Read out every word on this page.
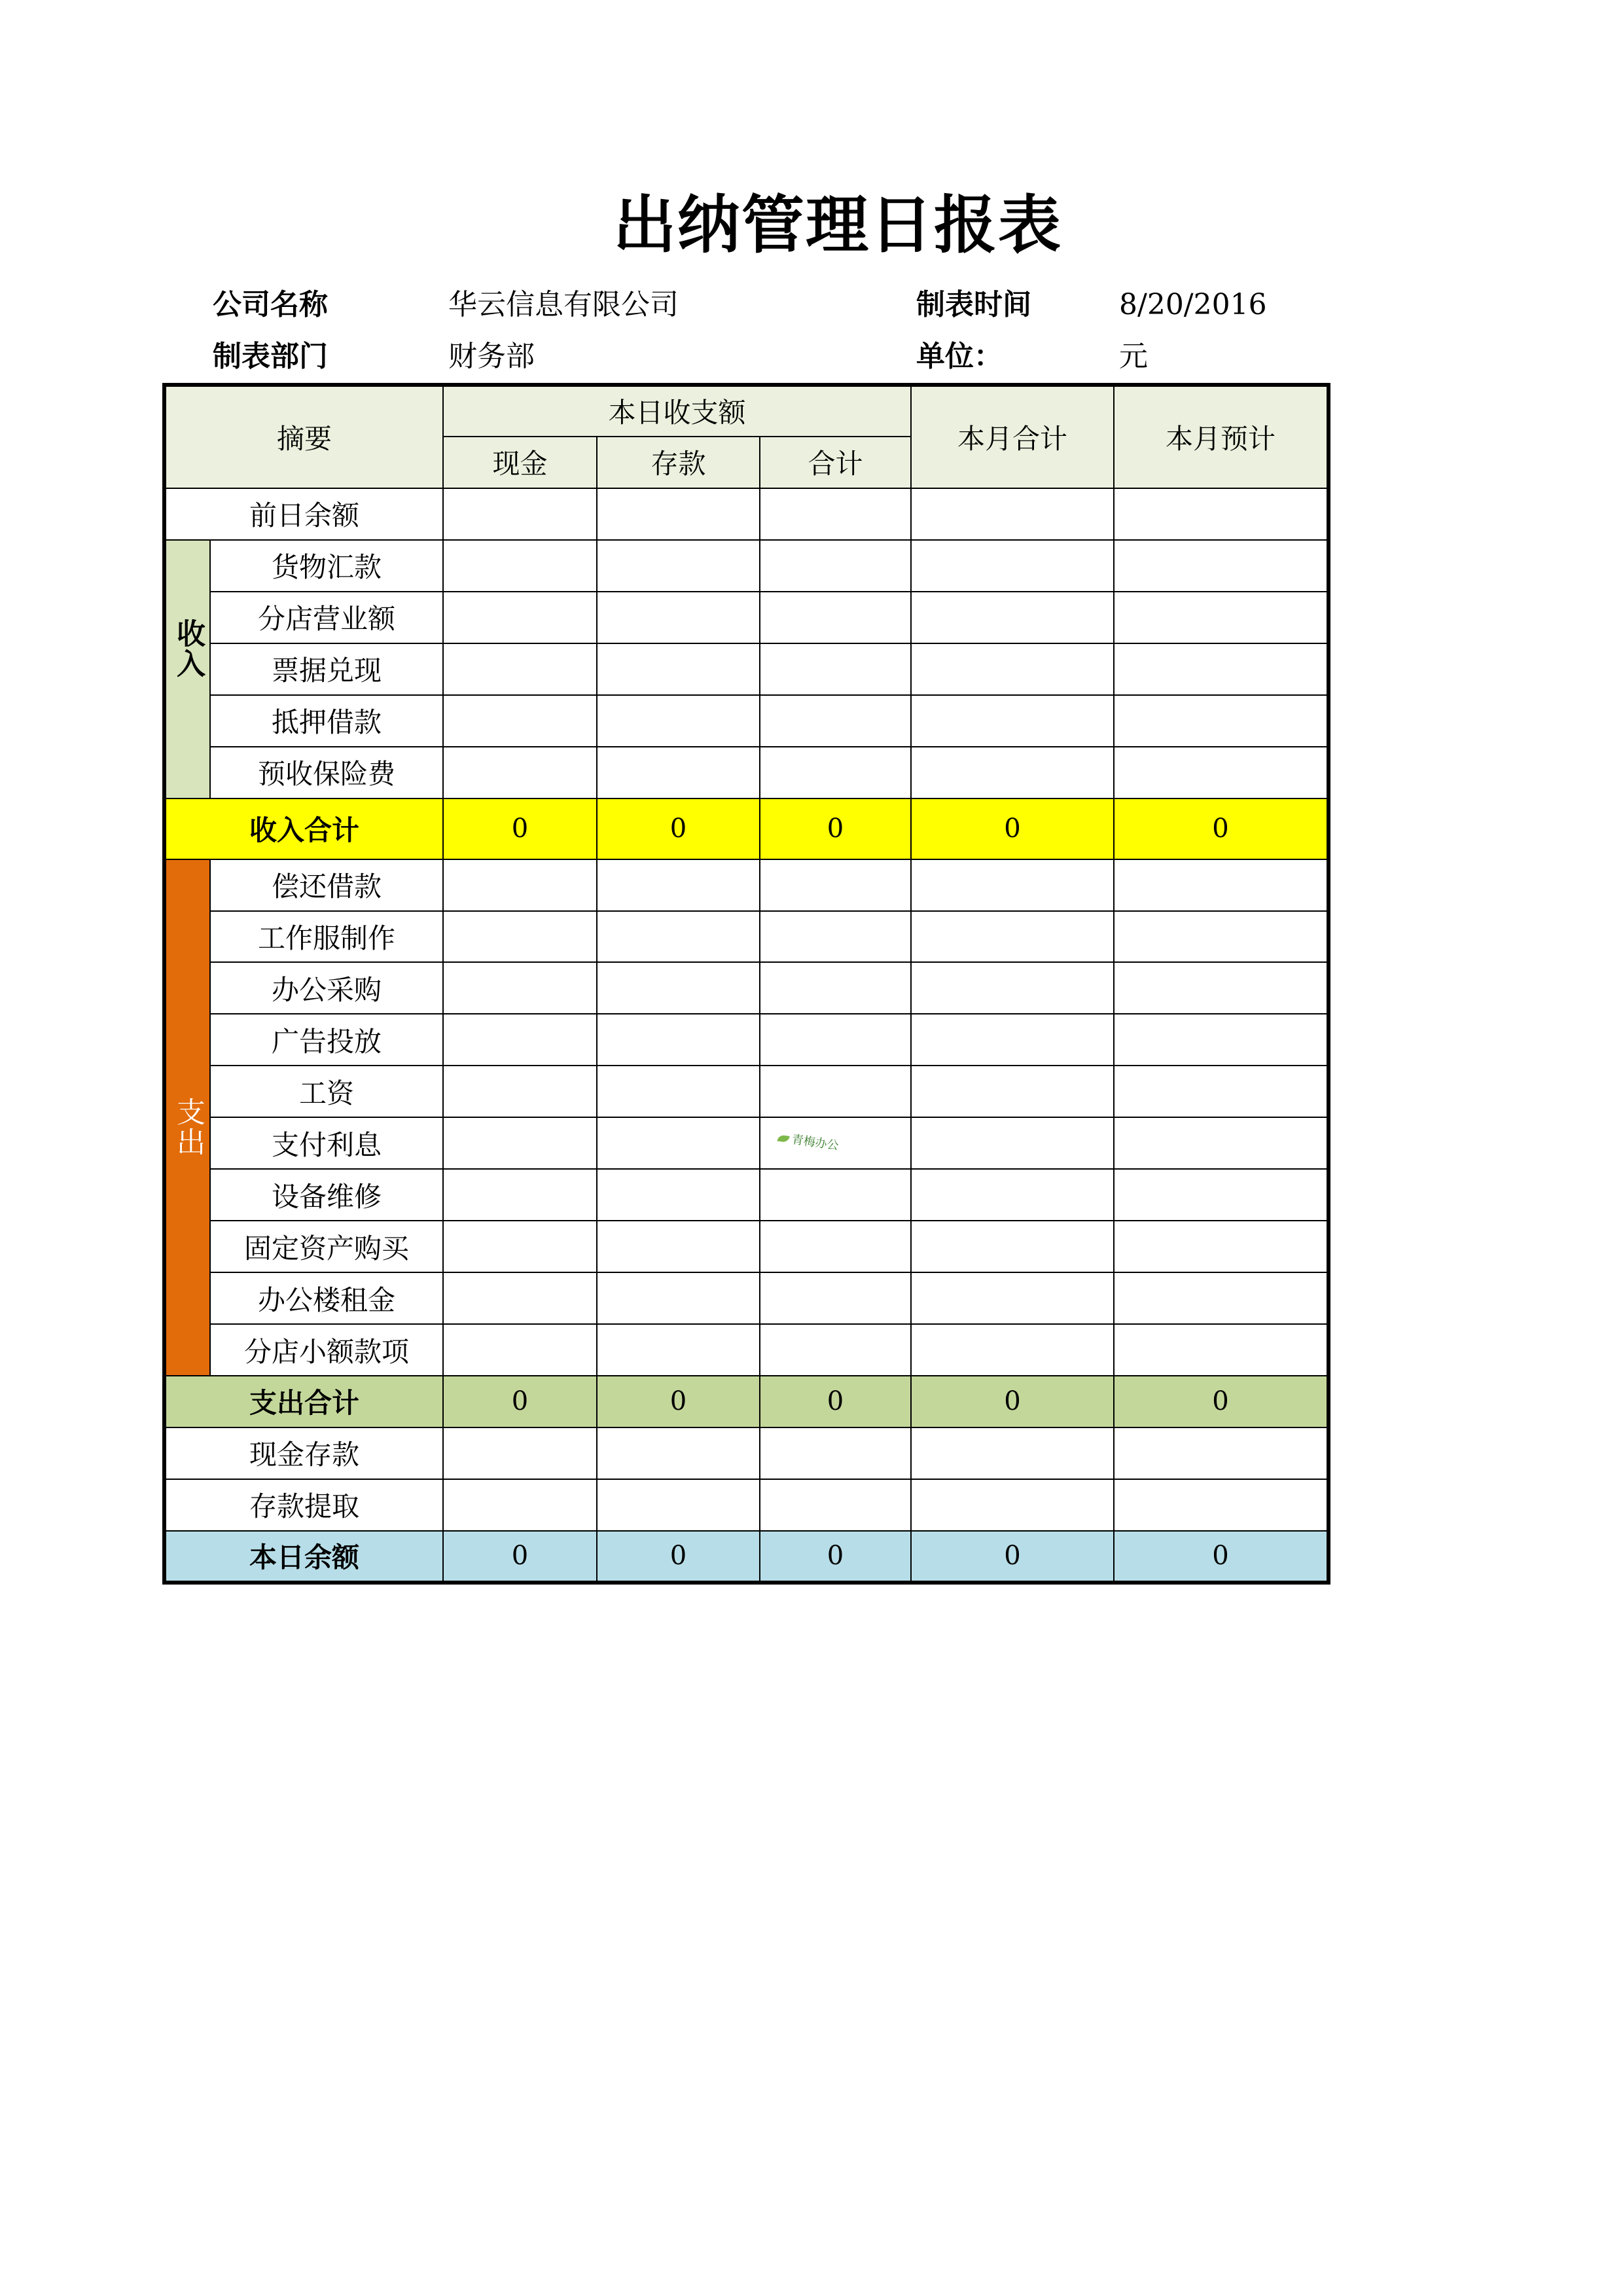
出纳管理日报表
公司名称	华云信息有限公司	制表时间	8/20/2016
制表部门	财务部	单位：	元
摘要		本日收支额			本月合计	本月预计
		现金	存款	合计		
前日余额						
收入	货物汇款					
	分店营业额					
	票据兑现					
	抵押借款					
	预收保险费					
收入合计		0	0	0	0	0
支出	偿还借款					
	工作服制作					
	办公采购					
	广告投放					
	工资					
	支付利息					
	设备维修					
	固定资产购买					
	办公楼租金					
	分店小额款项					
支出合计		0	0	0	0	0
现金存款						
存款提取						
本日余额		0	0	0	0	0
青梅办公
